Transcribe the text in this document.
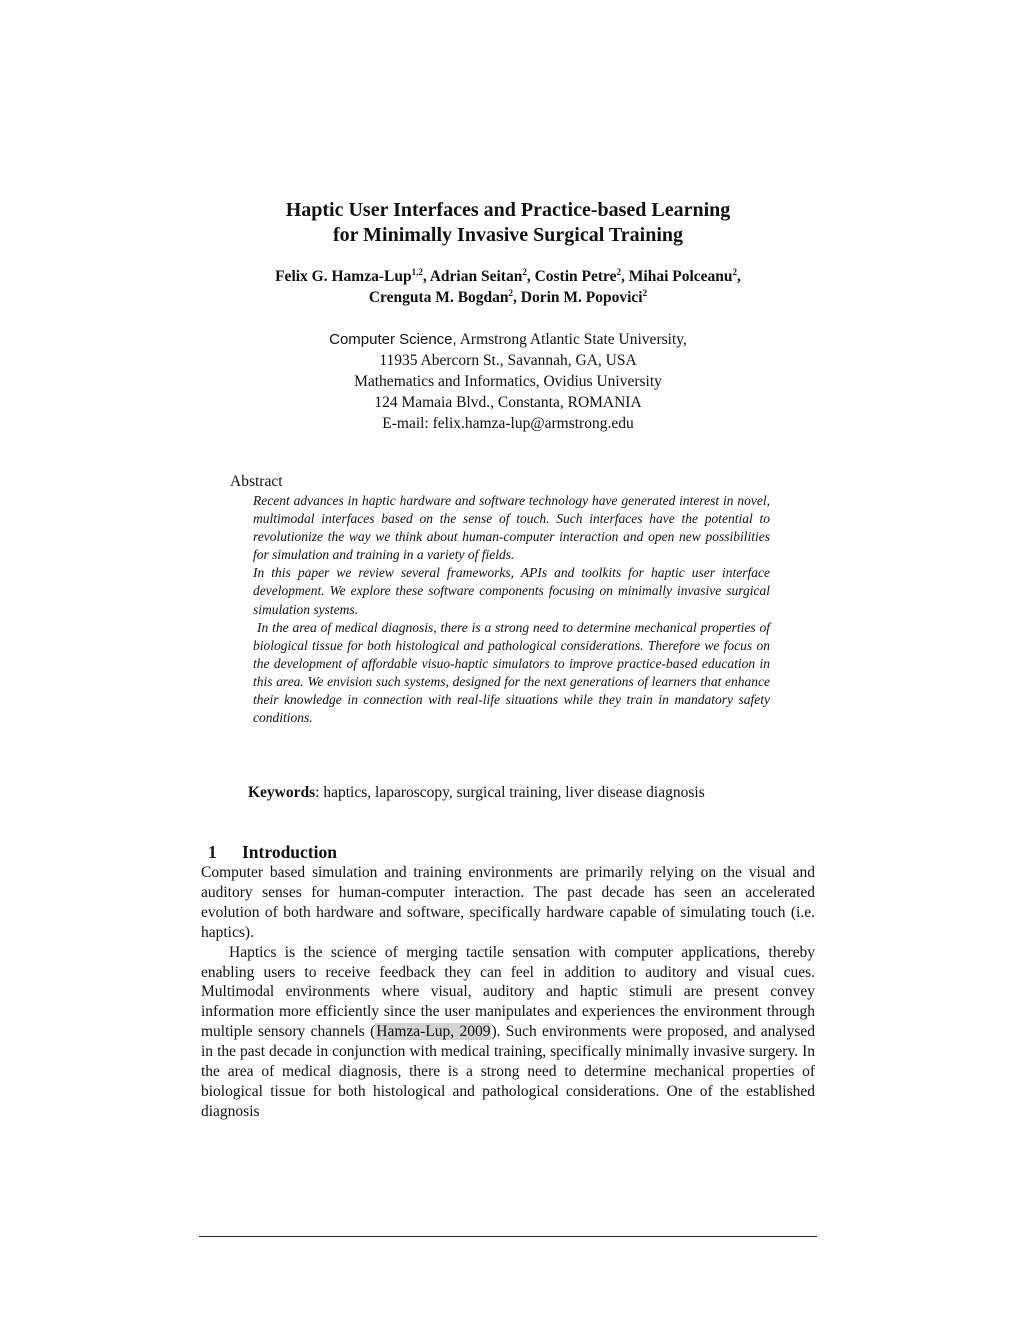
Haptic User Interfaces and Practice-based Learning
for Minimally Invasive Surgical Training
Felix G. Hamza-Lup$^{1,2}$, Adrian Seitan$^2$, Costin Petre$^2$, Mihai Polceanu$^2$,
Crenguta M. Bogdan$^2$, Dorin M. Popovici$^2$
Computer Science, Armstrong Atlantic State University,
11935 Abercorn St., Savannah, GA, USA
Mathematics and Informatics, Ovidius University
124 Mamaia Blvd., Constanta, ROMANIA
E-mail: felix.hamza-lup@armstrong.edu
Abstract

Recent advances in haptic hardware and software technology have generated interest in novel, multimodal interfaces based on the sense of touch. Such interfaces have the potential to revolutionize the way we think about human-computer interaction and open new possibilities for simulation and training in a variety of fields.

In this paper we review several frameworks, APIs and toolkits for haptic user interface development. We explore these software components focusing on minimally invasive surgical simulation systems.

In the area of medical diagnosis, there is a strong need to determine mechanical properties of biological tissue for both histological and pathological considerations. Therefore we focus on the development of affordable visuo-haptic simulators to improve practice-based education in this area. We envision such systems, designed for the next generations of learners that enhance their knowledge in connection with real-life situations while they train in mandatory safety conditions.

Keywords: haptics, laparoscopy, surgical training, liver disease diagnosis
1 Introduction

Computer based simulation and training environments are primarily relying on the visual and auditory senses for human-computer interaction. The past decade has seen an accelerated evolution of both hardware and software, specifically hardware capable of simulating touch (i.e. haptics).

Haptics is the science of merging tactile sensation with computer applications, thereby enabling users to receive feedback they can feel in addition to auditory and visual cues. Multimodal environments where visual, auditory and haptic stimuli are present convey information more efficiently since the user manipulates and experiences the environment through multiple sensory channels (Hamza-Lup, 2009). Such environments were proposed, and analysed in the past decade in conjunction with medical training, specifically minimally invasive surgery. In the area of medical diagnosis, there is a strong need to determine mechanical properties of biological tissue for both histological and pathological considerations. One of the established diagnosis
